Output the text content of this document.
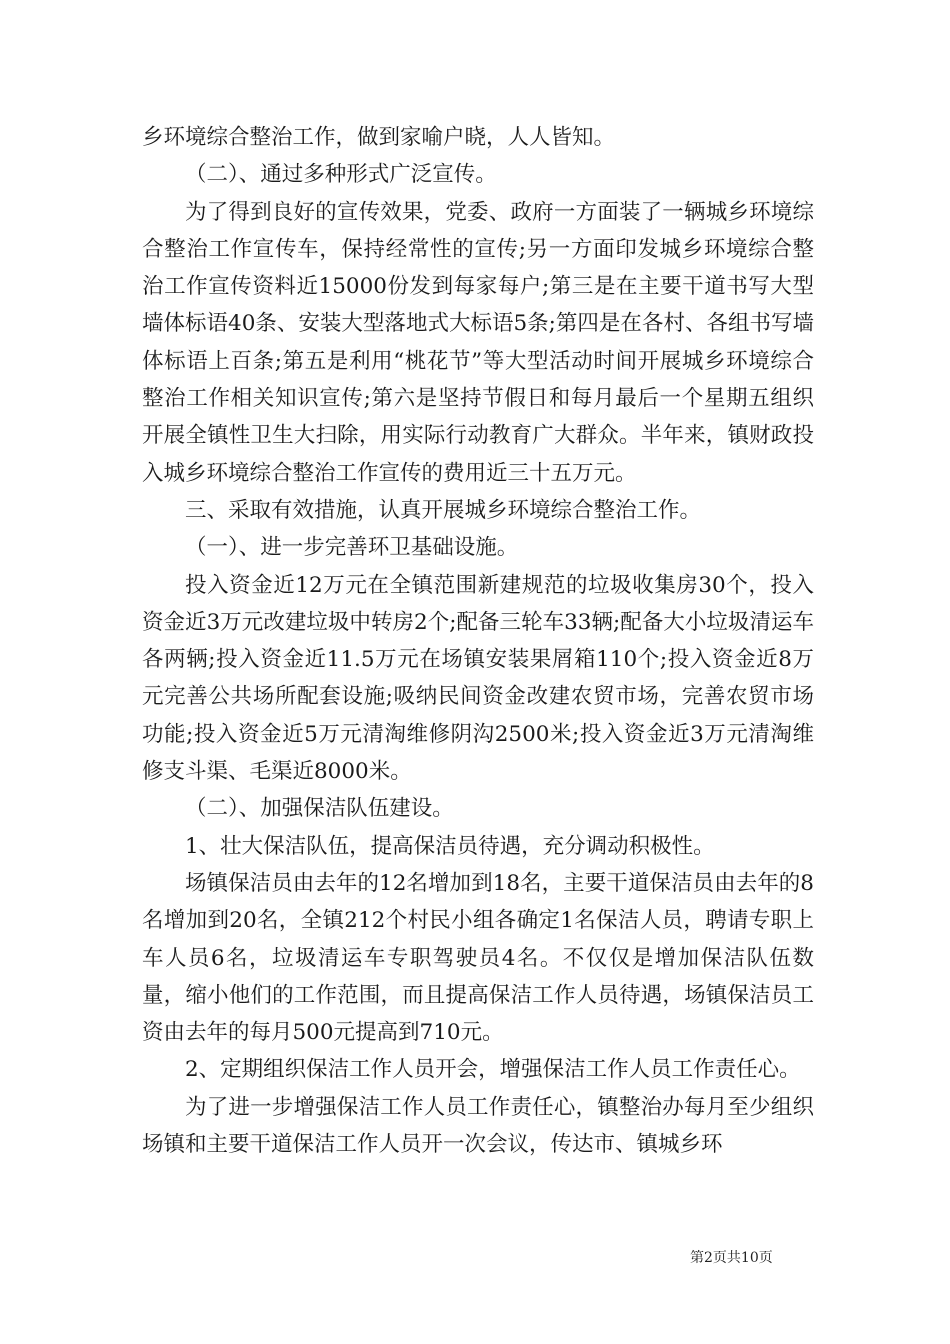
乡环境综合整治工作，做到家喻户晓，人人皆知。

（二）、通过多种形式广泛宣传。

为了得到良好的宣传效果，党委、政府一方面装了一辆城乡环境综合整治工作宣传车，保持经常性的宣传;另一方面印发城乡环境综合整治工作宣传资料近15000份发到每家每户;第三是在主要干道书写大型墙体标语40条、安装大型落地式大标语5条;第四是在各村、各组书写墙体标语上百条;第五是利用“桃花节”等大型活动时间开展城乡环境综合整治工作相关知识宣传;第六是坚持节假日和每月最后一个星期五组织开展全镇性卫生大扫除，用实际行动教育广大群众。半年来，镇财政投入城乡环境综合整治工作宣传的费用近三十五万元。

三、采取有效措施，认真开展城乡环境综合整治工作。

（一）、进一步完善环卫基础设施。

投入资金近12万元在全镇范围新建规范的垃圾收集房30个，投入资金近3万元改建垃圾中转房2个;配备三轮车33辆;配备大小垃圾清运车各两辆;投入资金近11.5万元在场镇安装果屑箱110个;投入资金近8万元完善公共场所配套设施;吸纳民间资金改建农贸市场，完善农贸市场功能;投入资金近5万元清淘维修阴沟2500米;投入资金近3万元清淘维修支斗渠、毛渠近8000米。

（二）、加强保洁队伍建设。

1、壮大保洁队伍，提高保洁员待遇，充分调动积极性。

场镇保洁员由去年的12名增加到18名，主要干道保洁员由去年的8名增加到20名，全镇212个村民小组各确定1名保洁人员，聘请专职上车人员6名，垃圾清运车专职驾驶员4名。不仅仅是增加保洁队伍数量，缩小他们的工作范围，而且提高保洁工作人员待遇，场镇保洁员工资由去年的每月500元提高到710元。

2、定期组织保洁工作人员开会，增强保洁工作人员工作责任心。

为了进一步增强保洁工作人员工作责任心，镇整治办每月至少组织场镇和主要干道保洁工作人员开一次会议，传达市、镇城乡环

第2页共10页
